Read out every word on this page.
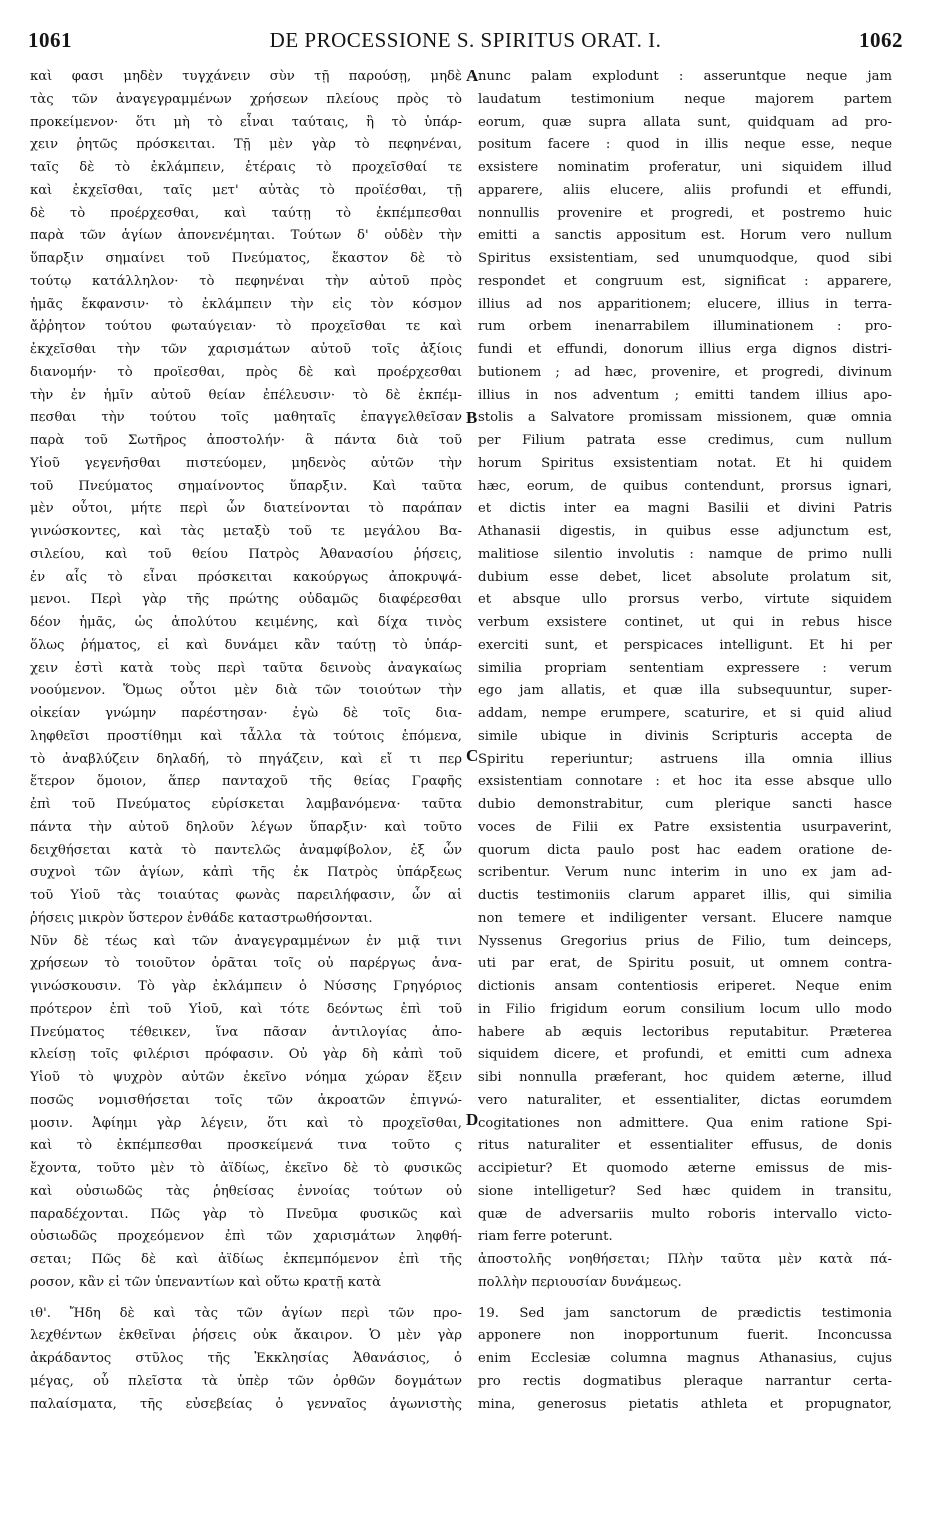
1061	DE PROCESSIONE S. SPIRITUS ORAT. I.	1062
καὶ φασι μηδὲν τυγχάνειν σὺν τῇ παρούσῃ, μηδὲ
τὰς τῶν ἀναγεγραμμένων χρήσεων πλείους πρὸς τὸ
προκείμενον· ὅτι μὴ τὸ εἶναι ταύταις, ἢ τὸ ὑπάρ-
χειν ῥητῶς πρόσκειται. Τῇ μὲν γὰρ τὸ πεφηνέναι,
ταῖς δὲ τὸ ἐκλάμπειν, ἑτέραις τὸ προχεῖσθαί τε
καὶ ἐκχεῖσθαι, ταῖς μετ' αὐτὰς τὸ προϊέσθαι, τῇ
δὲ τὸ προέρχεσθαι, καὶ ταύτῃ τὸ ἐκπέμπεσθαι
παρὰ τῶν ἁγίων ἀπονενέμηται. Τούτων δ' οὐδὲν τὴν
ὕπαρξιν σημαίνει τοῦ Πνεύματος, ἕκαστον δὲ τὸ
τούτῳ κατάλληλον· τὸ πεφηνέναι τὴν αὐτοῦ πρὸς
ἡμᾶς ἔκφανσιν· τὸ ἐκλάμπειν τὴν εἰς τὸν κόσμον
ἄῤῥητον τούτου φωταύγειαν· τὸ προχεῖσθαι τε καὶ
ἐκχεῖσθαι τὴν τῶν χαρισμάτων αὐτοῦ τοῖς ἀξίοις
διανομήν· τὸ προϊεσθαι, πρὸς δὲ καὶ προέρχεσθαι
τὴν ἐν ἡμῖν αὐτοῦ θείαν ἐπέλευσιν· τὸ δὲ ἐκπέμ-
πεσθαι τὴν τούτου τοῖς μαθηταῖς ἐπαγγελθεῖσαν
παρὰ τοῦ Σωτῆρος ἀποστολήν· ἃ πάντα διὰ τοῦ
Υἱοῦ γεγενῆσθαι πιστεύομεν, μηδενὸς αὐτῶν τὴν
τοῦ Πνεύματος σημαίνοντος ὕπαρξιν. Καὶ ταῦτα
μὲν οὗτοι, μήτε περὶ ὧν διατείνονται τὸ παράπαν
γινώσκοντες, καὶ τὰς μεταξὺ τοῦ τε μεγάλου Βα-
σιλείου, καὶ τοῦ θείου Πατρὸς Ἀθανασίου ῥήσεις,
ἐν αἷς τὸ εἶναι πρόσκειται κακούργως ἀποκρυψά-
μενοι. Περὶ γὰρ τῆς πρώτης οὐδαμῶς διαφέρεσθαι
δέον ἡμᾶς, ὡς ἀπολύτου κειμένης, καὶ δίχα τινὸς
ὅλως ῥήματος, εἰ καὶ δυνάμει κἂν ταύτῃ τὸ ὑπάρ-
χειν ἐστὶ κατὰ τοὺς περὶ ταῦτα δεινοὺς ἀναγκαίως
νοούμενον. Ὅμως οὗτοι μὲν διὰ τῶν τοιούτων τὴν
οἰκείαν γνώμην παρέστησαν· ἐγὼ δὲ τοῖς δια-
ληφθεῖσι προστίθημι καὶ τἆλλα τὰ τούτοις ἑπόμενα,
τὸ ἀναβλύζειν δηλαδή, τὸ πηγάζειν, καὶ εἴ τι περ
ἕτερον ὅμοιον, ἅπερ πανταχοῦ τῆς θείας Γραφῆς
ἐπὶ τοῦ Πνεύματος εὑρίσκεται λαμβανόμενα· ταῦτα
πάντα τὴν αὐτοῦ δηλοῦν λέγων ὕπαρξιν· καὶ τοῦτο
δειχθήσεται κατὰ τὸ παντελῶς ἀναμφίβολον, ἐξ ὧν
συχνοὶ τῶν ἁγίων, κἀπὶ τῆς ἐκ Πατρὸς ὑπάρξεως
τοῦ Υἱοῦ τὰς τοιαύτας φωνὰς παρειλήφασιν, ὧν αἱ
ῥήσεις μικρὸν ὕστερον ἐνθάδε καταστρωθήσονται.
Νῦν δὲ τέως καὶ τῶν ἀναγεγραμμένων ἐν μιᾷ τινι
χρήσεων τὸ τοιοῦτον ὁρᾶται τοῖς οὐ παρέργως ἀνα-
γινώσκουσιν. Τὸ γὰρ ἐκλάμπειν ὁ Νύσσης Γρηγόριος
πρότερον ἐπὶ τοῦ Υἱοῦ, καὶ τότε δεόντως ἐπὶ τοῦ
Πνεύματος τέθεικεν, ἵνα πᾶσαν ἀντιλογίας ἀπο-
κλείσῃ τοῖς φιλέρισι πρόφασιν. Οὐ γὰρ δὴ κἀπὶ τοῦ
Υἱοῦ τὸ ψυχρὸν αὐτῶν ἐκεῖνο νόημα χώραν ἕξειν
ποσῶς νομισθήσεται τοῖς τῶν ἀκροατῶν ἐπιγνώ-
μοσιν. Ἀφίημι γὰρ λέγειν, ὅτι καὶ τὸ προχεῖσθαι,
καὶ τὸ ἐκπέμπεσθαι προσκείμενά τινα τοῦτο ς
ἔχοντα, τοῦτο μὲν τὸ ἀϊδίως, ἐκεῖνο δὲ τὸ φυσικῶς
καὶ οὐσιωδῶς τὰς ῥηθείσας ἐννοίας τούτων οὐ
παραδέχονται. Πῶς γὰρ τὸ Πνεῦμα φυσικῶς καὶ
οὐσιωδῶς προχεόμενον ἐπὶ τῶν χαρισμάτων ληφθή-
σεται; Πῶς δὲ καὶ ἀϊδίως ἐκπεμπόμενον ἐπὶ τῆς
ροσον, κἂν εἰ τῶν ὑπεναντίων καὶ οὕτω κρατῇ κατὰ
ιθ'. Ἤδη δὲ καὶ τὰς τῶν ἁγίων περὶ τῶν προ-
λεχθέντων ἐκθεῖναι ῥήσεις οὐκ ἄκαιρον. Ὁ μὲν γὰρ
ἀκράδαντος στῦλος τῆς Ἐκκλησίας Ἀθανάσιος, ὁ
μέγας, οὗ πλεῖστα τὰ ὑπὲρ τῶν ὀρθῶν δογμάτων
παλαίσματα, τῆς εὐσεβείας ὁ γενναῖος ἀγωνιστὴς
nunc palam explodunt : asseruntque neque jam
laudatum testimonium neque majorem partem
eorum, quæ supra allata sunt, quidquam ad pro-
positum facere : quod in illis neque esse, neque
exsistere nominatim proferatur, uni siquidem illud
apparere, aliis elucere, aliis profundi et effundi,
nonnullis provenire et progredi, et postremo huic
emitti a sanctis appositum est. Horum vero nullum
Spiritus exsistentiam, sed unumquodque, quod sibi
respondet et congruum est, significat : apparere,
illius ad nos apparitionem; elucere, illius in terra-
rum orbem inenarrabilem illuminationem : pro-
fundi et effundi, donorum illius erga dignos distri-
butionem ; ad hæc, provenire, et progredi, divinum
illius in nos adventum ; emitti tandem illius apo-
stolis a Salvatore promissam missionem, quæ omnia
per Filium patrata esse credimus, cum nullum
horum Spiritus exsistentiam notat. Et hi quidem
hæc, eorum, de quibus contendunt, prorsus ignari,
et dictis inter ea magni Basilii et divini Patris
Athanasii digestis, in quibus esse adjunctum est,
malitiose silentio involutis : namque de primo nulli
dubium esse debet, licet absolute prolatum sit,
et absque ullo prorsus verbo, virtute siquidem
verbum exsistere continet, ut qui in rebus hisce
exerciti sunt, et perspicaces intelligunt. Et hi per
similia propriam sententiam expressere : verum
ego jam allatis, et quæ illa subsequuntur, super-
addam, nempe erumpere, scaturire, et si quid aliud
simile ubique in divinis Scripturis accepta de
Spiritu reperiuntur; astruens illa omnia illius
exsistentiam connotare : et hoc ita esse absque ullo
dubio demonstrabitur, cum plerique sancti hasce
voces de Filii ex Patre exsistentia usurpaverint,
quorum dicta paulo post hac eadem oratione de-
scribentur. Verum nunc interim in uno ex jam ad-
ductis testimoniis clarum apparet illis, qui similia
non temere et indiligenter versant. Elucere namque
Nyssenus Gregorius prius de Filio, tum deinceps,
uti par erat, de Spiritu posuit, ut omnem contra-
dictionis ansam contentiosis eriperet. Neque enim
in Filio frigidum eorum consilium locum ullo modo
habere ab æquis lectoribus reputabitur. Præterea
siquidem dicere, et profundi, et emitti cum adnexa
sibi nonnulla præferant, hoc quidem æterne, illud
vero naturaliter, et essentialiter, dictas eorumdem
cogitationes non admittere. Qua enim ratione Spi-
ritus naturaliter et essentialiter effusus, de donis
accipietur? Et quomodo æterne emissus de mis-
sione intelligetur? Sed hæc quidem in transitu,
quæ de adversariis multo roboris intervallo victo-
riam ferre poterunt.
ἀποστολῆς νοηθήσεται; Πλὴν ταῦτα μὲν κατὰ πά-
πολλὴν περιουσίαν δυνάμεως.
19. Sed jam sanctorum de prædictis testimonia
apponere non inopportunum fuerit. Inconcussa
enim Ecclesiæ columna magnus Athanasius, cujus
pro rectis dogmatibus pleraque narrantur certa-
mina, generosus pietatis athleta et propugnator,
A
B
C
D
